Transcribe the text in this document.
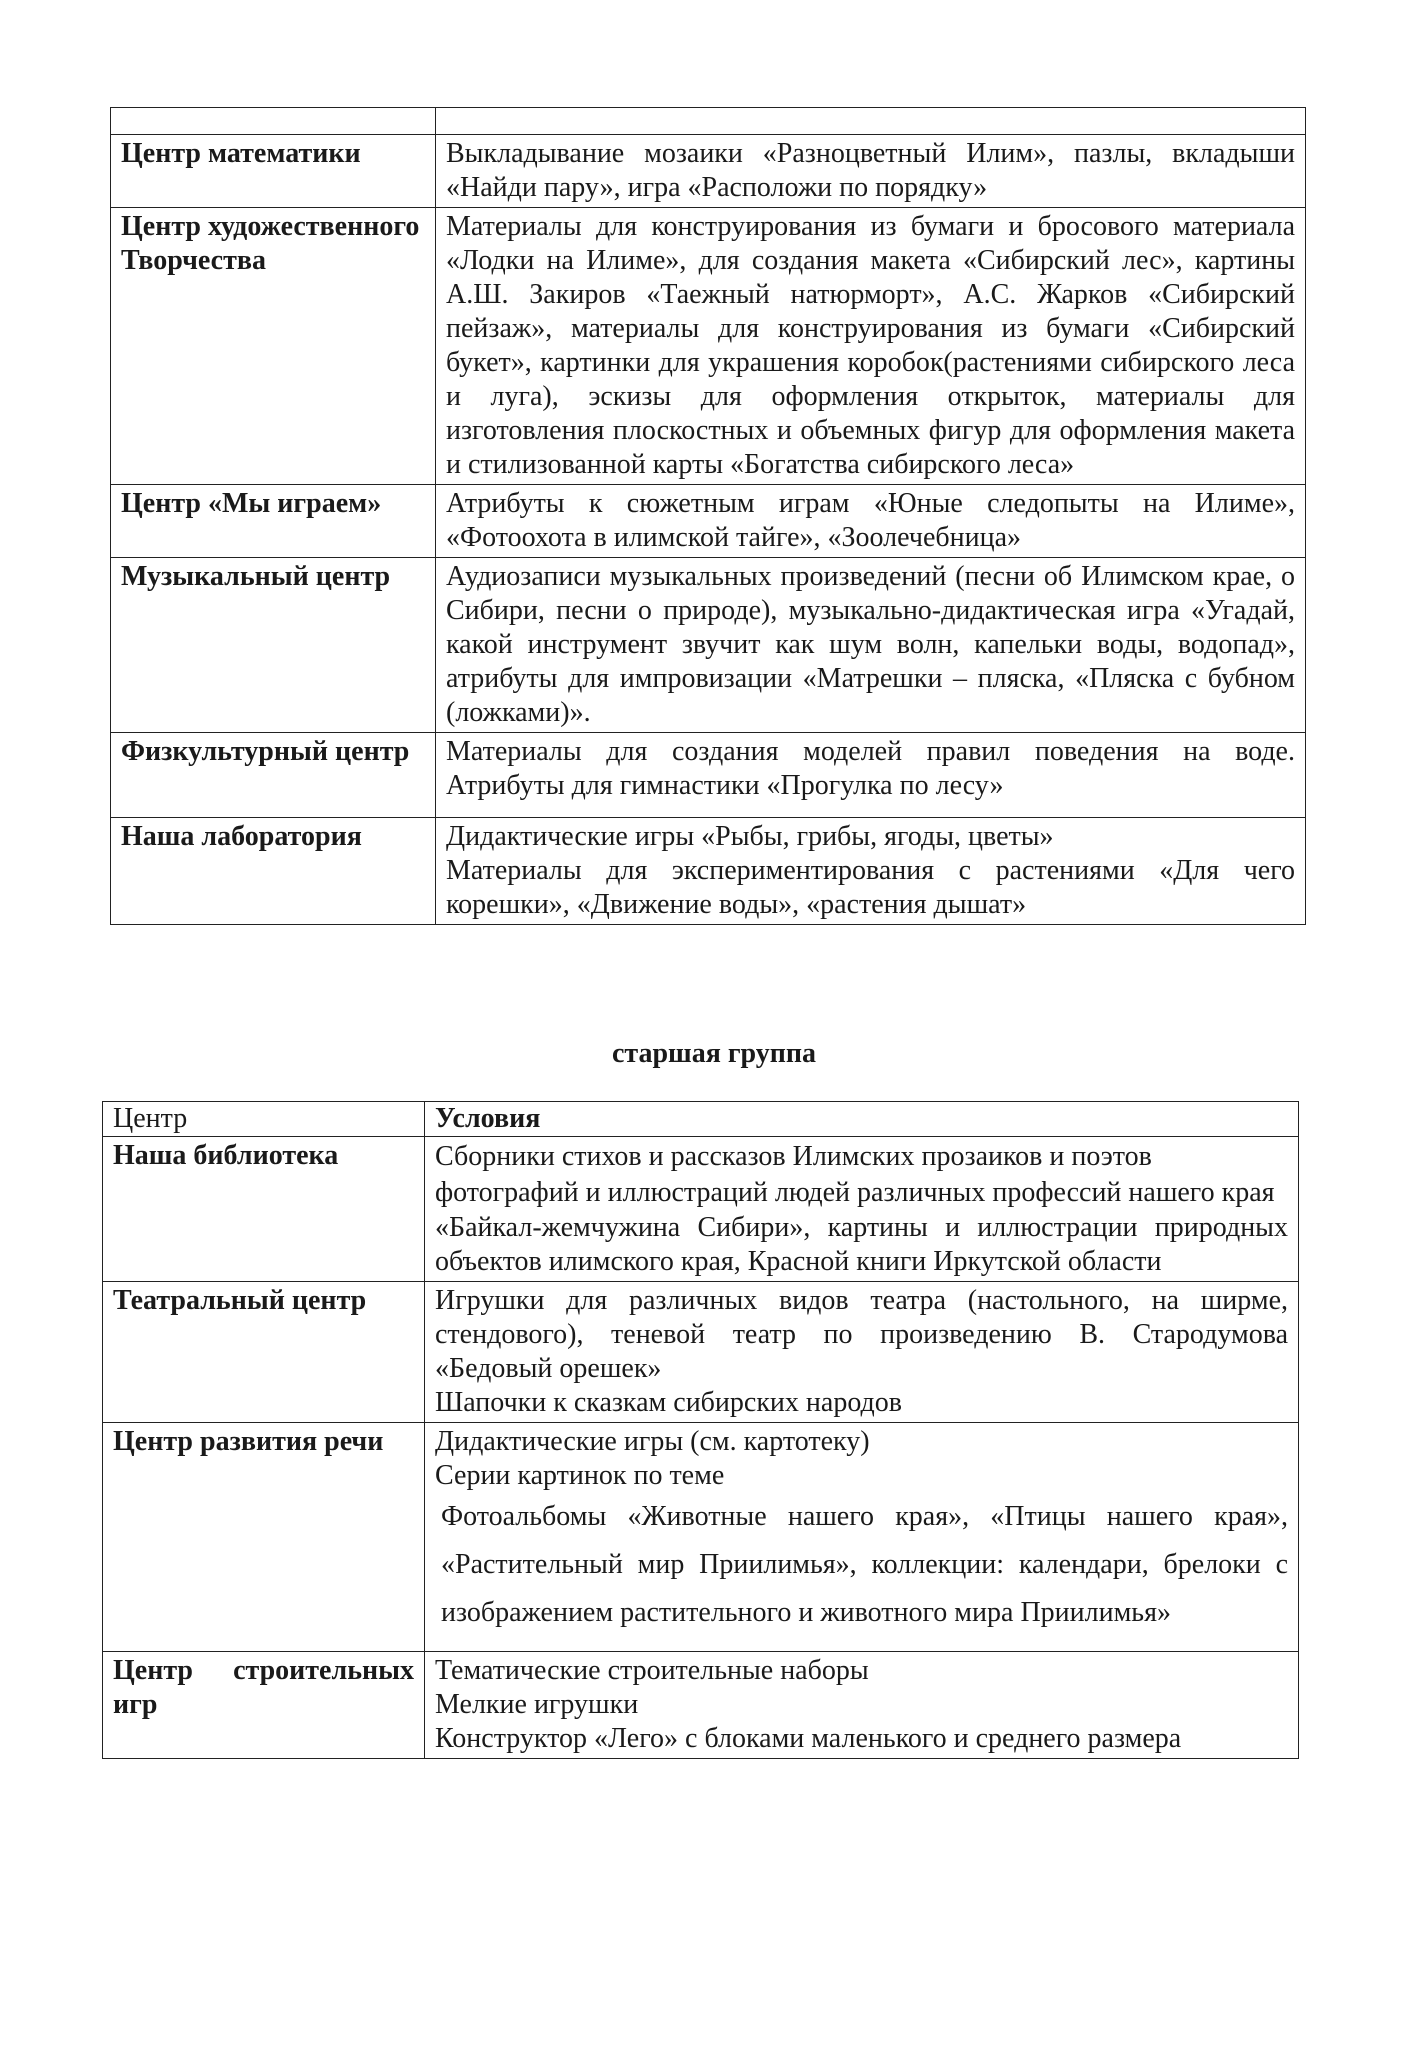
Центр математики	Выкладывание мозаики «Разноцветный Илим», пазлы, вкладыши «Найди пару», игра «Расположи по порядку»

Центр художественного Творчества	Материалы для конструирования из бумаги и бросового материала «Лодки на Илиме», для создания макета «Сибирский лес», картины А.Ш. Закиров «Таежный натюрморт», А.С. Жарков «Сибирский пейзаж», материалы для конструирования из бумаги «Сибирский букет», картинки для украшения коробок(растениями сибирского леса и луга), эскизы для оформления открыток, материалы для изготовления плоскостных и объемных фигур для оформления макета и стилизованной карты «Богатства сибирского леса»

Центр «Мы играем»	Атрибуты к сюжетным играм «Юные следопыты на Илиме», «Фотоохота в илимской тайге», «Зоолечебница»

Музыкальный центр	Аудиозаписи музыкальных произведений (песни об Илимском крае, о Сибири, песни о природе), музыкально-дидактическая игра «Угадай, какой инструмент звучит как шум волн, капельки воды, водопад», атрибуты для импровизации «Матрешки – пляска, «Пляска с бубном (ложками)».

Физкультурный центр	Материалы для создания моделей правил поведения на воде. Атрибуты для гимнастики «Прогулка по лесу»

Наша лаборатория	Дидактические игры «Рыбы, грибы, ягоды, цветы»
Материалы для экспериментирования с растениями «Для чего корешки», «Движение воды», «растения дышат»
старшая группа
Центр	Условия
Наша библиотека	Сборники стихов и рассказов Илимских прозаиков и поэтов фотографий и иллюстраций людей различных профессий нашего края
«Байкал-жемчужина Сибири», картины и иллюстрации природных объектов илимского края, Красной книги Иркутской области

Театральный центр	Игрушки для различных видов театра (настольного, на ширме, стендового), теневой театр по произведению В. Стародумова «Бедовый орешек»
Шапочки к сказкам сибирских народов

Центр развития речи	Дидактические игры (см. картотеку)
Серии картинок по теме
Фотоальбомы «Животные нашего края», «Птицы нашего края», «Растительный мир Приилимья», коллекции: календари, брелоки с изображением растительного и животного мира Приилимья»

Центр строительных игр	Тематические строительные наборы
Мелкие игрушки
Конструктор «Лего» с блоками маленького и среднего размера
